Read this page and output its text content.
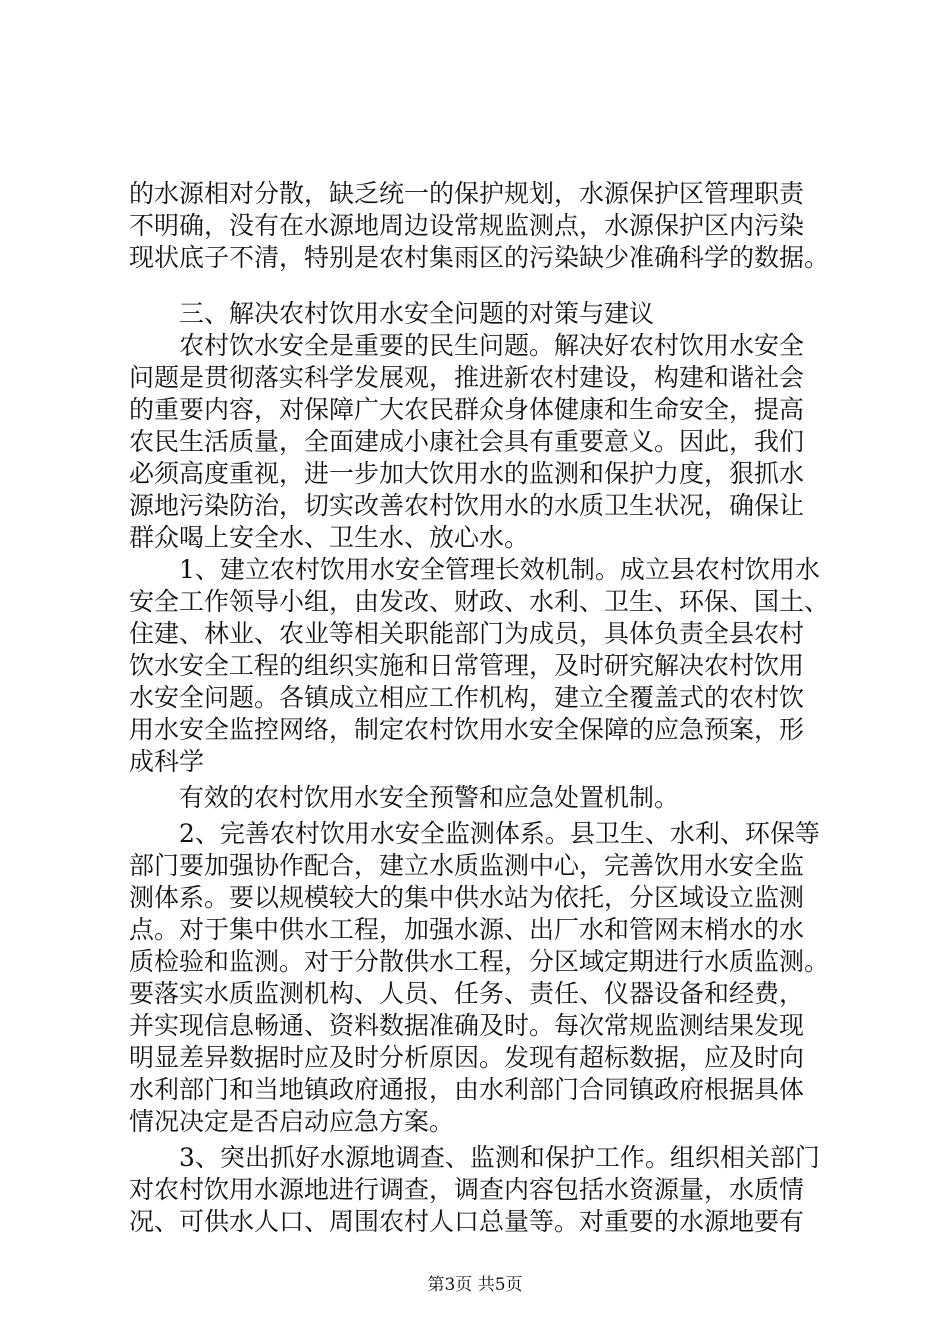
的水源相对分散，缺乏统一的保护规划，水源保护区管理职责
不明确，没有在水源地周边设常规监测点，水源保护区内污染
现状底子不清，特别是农村集雨区的污染缺少准确科学的数据。
三、解决农村饮用水安全问题的对策与建议
农村饮水安全是重要的民生问题。解决好农村饮用水安全
问题是贯彻落实科学发展观，推进新农村建设，构建和谐社会
的重要内容，对保障广大农民群众身体健康和生命安全，提高
农民生活质量，全面建成小康社会具有重要意义。因此，我们
必须高度重视，进一步加大饮用水的监测和保护力度，狠抓水
源地污染防治，切实改善农村饮用水的水质卫生状况，确保让
群众喝上安全水、卫生水、放心水。
1、建立农村饮用水安全管理长效机制。成立县农村饮用水
安全工作领导小组，由发改、财政、水利、卫生、环保、国土、
住建、林业、农业等相关职能部门为成员，具体负责全县农村
饮水安全工程的组织实施和日常管理，及时研究解决农村饮用
水安全问题。各镇成立相应工作机构，建立全覆盖式的农村饮
用水安全监控网络，制定农村饮用水安全保障的应急预案，形
成科学
有效的农村饮用水安全预警和应急处置机制。
2、完善农村饮用水安全监测体系。县卫生、水利、环保等
部门要加强协作配合，建立水质监测中心，完善饮用水安全监
测体系。要以规模较大的集中供水站为依托，分区域设立监测
点。对于集中供水工程，加强水源、出厂水和管网末梢水的水
质检验和监测。对于分散供水工程，分区域定期进行水质监测。
要落实水质监测机构、人员、任务、责任、仪器设备和经费，
并实现信息畅通、资料数据准确及时。每次常规监测结果发现
明显差异数据时应及时分析原因。发现有超标数据，应及时向
水利部门和当地镇政府通报，由水利部门合同镇政府根据具体
情况决定是否启动应急方案。
3、突出抓好水源地调查、监测和保护工作。组织相关部门
对农村饮用水源地进行调查，调查内容包括水资源量，水质情
况、可供水人口、周围农村人口总量等。对重要的水源地要有
第3页 共5页
